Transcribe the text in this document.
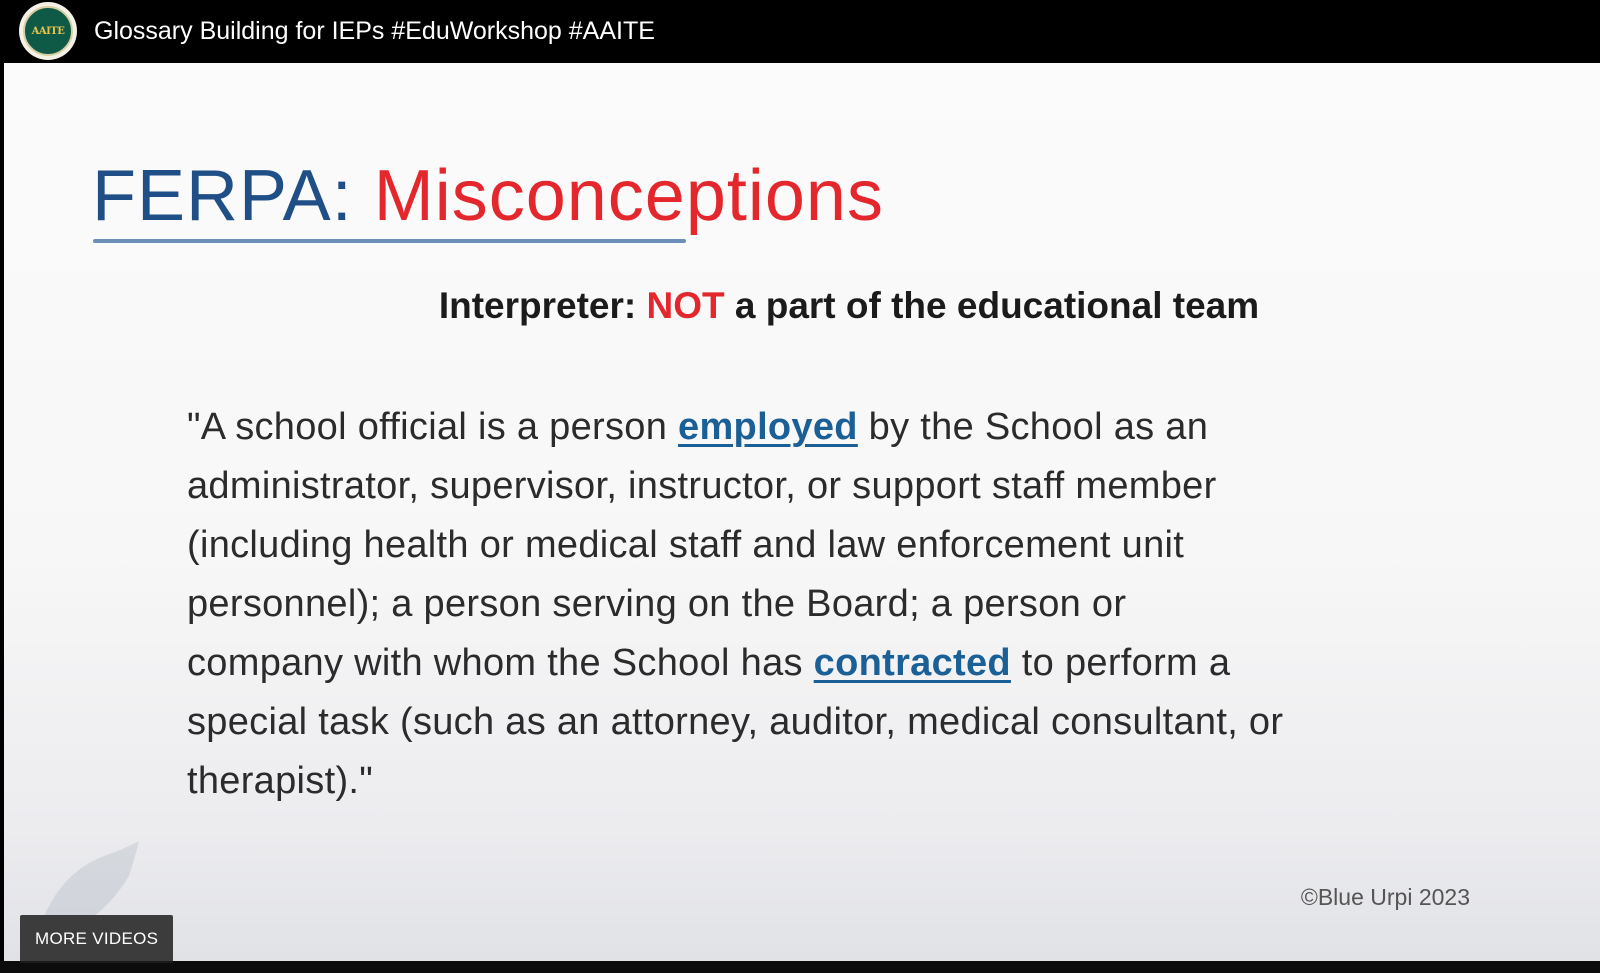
AAITE Glossary Building for IEPs #EduWorkshop #AAITE
FERPA: Misconceptions
Interpreter: NOT a part of the educational team
"A school official is a person employed by the School as an
administrator, supervisor, instructor, or support staff member
(including health or medical staff and law enforcement unit
personnel); a person serving on the Board; a person or
company with whom the School has contracted to perform a
special task (such as an attorney, auditor, medical consultant, or
therapist)."
©Blue Urpi 2023
MORE VIDEOS
